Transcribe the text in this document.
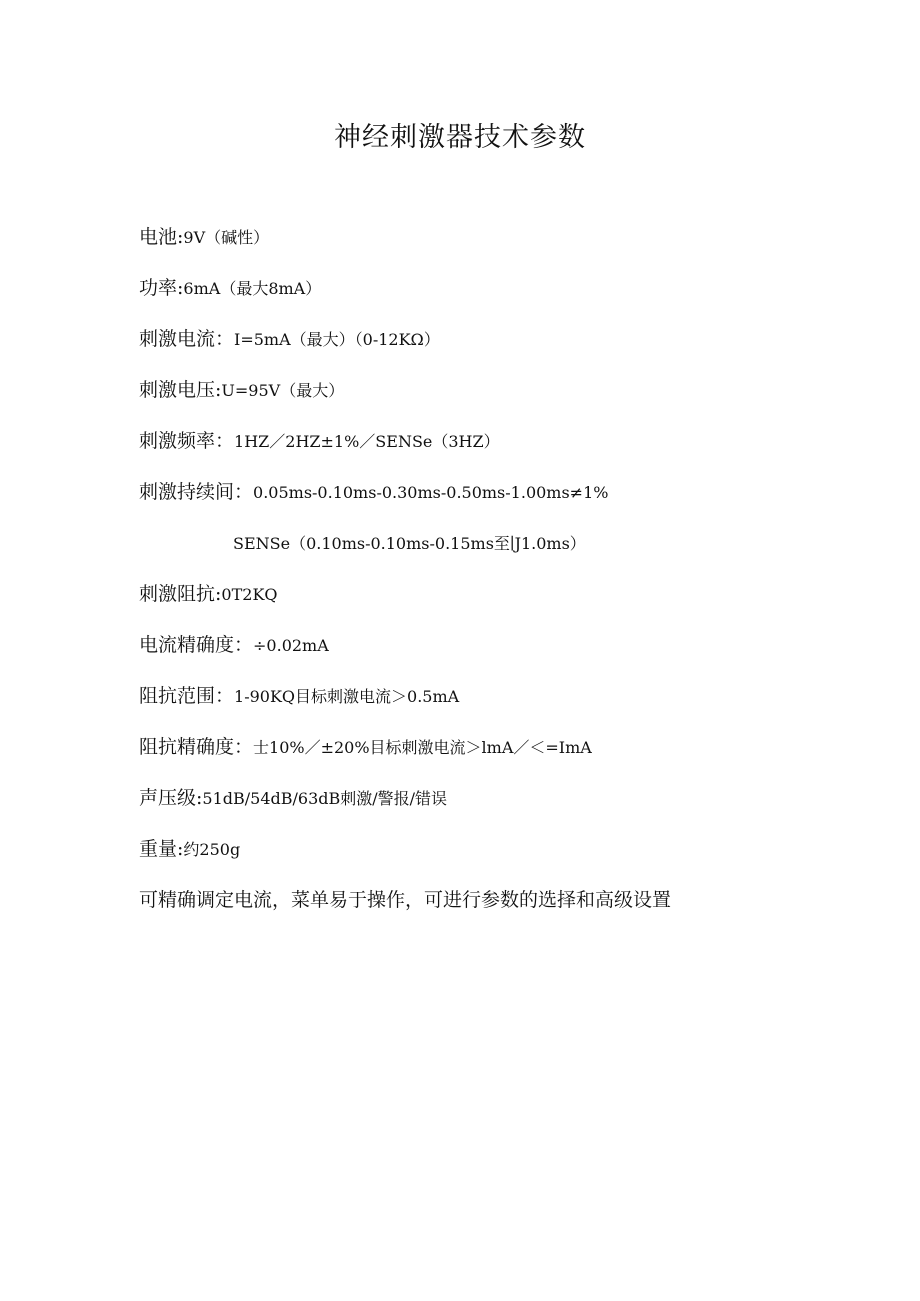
神经刺激器技术参数
电池:9V（碱性）
功率:6mA（最大8mA）
刺激电流：I=5mA（最大）（0-12KΩ）
刺激电压:U=95V（最大）
刺激频率：1HZ／2HZ±1%／SENSe（3HZ）
刺激持续间：0.05ms-0.10ms-0.30ms-0.50ms-1.00ms≠1%
SENSe（0.10ms-0.10ms-0.15ms至∣J1.0ms）
刺激阻抗:0T2KQ
电流精确度：÷0.02mA
阻抗范围：1-90KQ目标刺激电流＞0.5mA
阻抗精确度：士10%／±20%目标刺激电流＞lmA／＜=ImA
声压级:51dB/54dB/63dB刺激/警报/错误
重量:约250g
可精确调定电流，菜单易于操作，可进行参数的选择和高级设置
